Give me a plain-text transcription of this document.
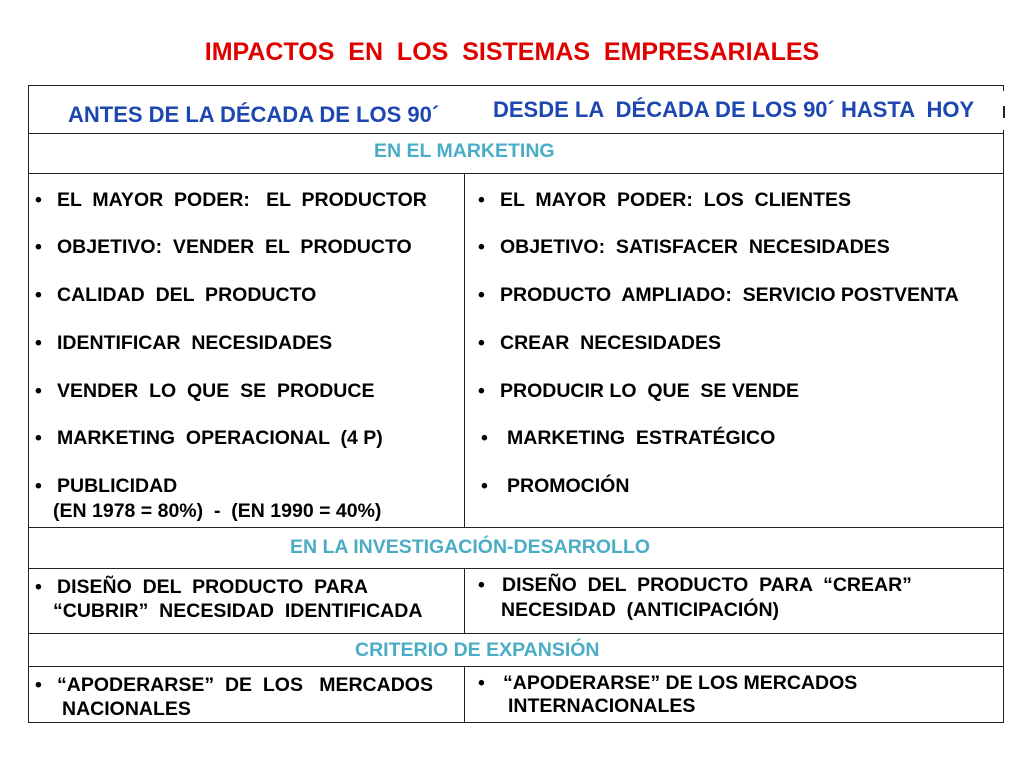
IMPACTOS  EN  LOS  SISTEMAS  EMPRESARIALES
ANTES DE LA DÉCADA DE LOS 90´ DESDE LA  DÉCADA DE LOS 90´ HASTA  HOY
EN EL MARKETING
•
EL  MAYOR  PODER:   EL  PRODUCTOR
•
OBJETIVO:  VENDER  EL  PRODUCTO
•
CALIDAD  DEL  PRODUCTO
•
IDENTIFICAR  NECESIDADES
•
VENDER  LO  QUE  SE  PRODUCE
•
MARKETING  OPERACIONAL  (4 P)
•
PUBLICIDAD
(EN 1978 = 80%)  -  (EN 1990 = 40%)
•
EL  MAYOR  PODER:  LOS  CLIENTES
•
OBJETIVO:  SATISFACER  NECESIDADES
•
PRODUCTO  AMPLIADO:  SERVICIO POSTVENTA
•
CREAR  NECESIDADES
•
PRODUCIR LO  QUE  SE VENDE
•
MARKETING  ESTRATÉGICO
•
PROMOCIÓN
EN LA INVESTIGACIÓN-DESARROLLO
•
DISEÑO  DEL  PRODUCTO  PARA
“CUBRIR”  NECESIDAD  IDENTIFICADA
•
DISEÑO  DEL  PRODUCTO  PARA  “CREAR”
NECESIDAD  (ANTICIPACIÓN)
CRITERIO DE EXPANSIÓN
•
“APODERARSE”  DE  LOS   MERCADOS
NACIONALES
•
“APODERARSE” DE LOS MERCADOS
INTERNACIONALES
